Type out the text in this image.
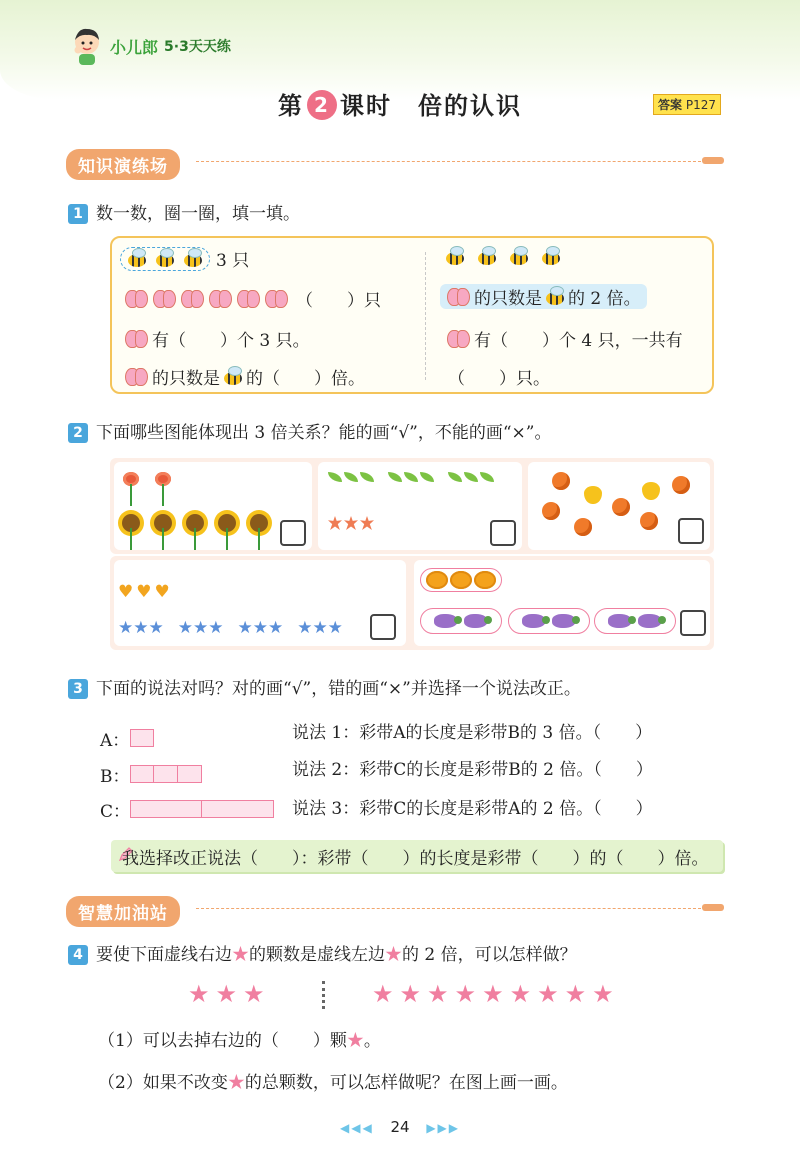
小儿郎 5·3天天练
第 2 课时　倍的认识	答案 P127
知识演练场
1 数一数，圈一圈，填一填。
3 只
（　　）只
有（　　）个 3 只。
的只数是 的（　　）倍。
的只数是 的 2 倍。
有（　　）个 4 只，一共有
（　　）只。
2 下面哪些图能体现出 3 倍关系？能的画“√”，不能的画“×”。
♥ ♥ ♥
★★★ ★★★ ★★★ ★★★
3 下面的说法对吗？对的画“√”，错的画“×”并选择一个说法改正。
A：
B：
C：
说法 1：彩带A的长度是彩带B的 3 倍。（　　）
说法 2：彩带C的长度是彩带B的 2 倍。（　　）
说法 3：彩带C的长度是彩带A的 2 倍。（　　）
我选择改正说法（　　）：彩带（　　）的长度是彩带（　　）的（　　）倍。
智慧加油站
4 要使下面虚线右边★的颗数是虚线左边★的 2 倍，可以怎样做？
★ ★ ★	★ ★ ★ ★ ★ ★ ★ ★ ★
（1）可以去掉右边的（　　）颗★。
（2）如果不改变★的总颗数，可以怎样做呢？在图上画一画。
◀◀◀ 24 ▶▶▶
